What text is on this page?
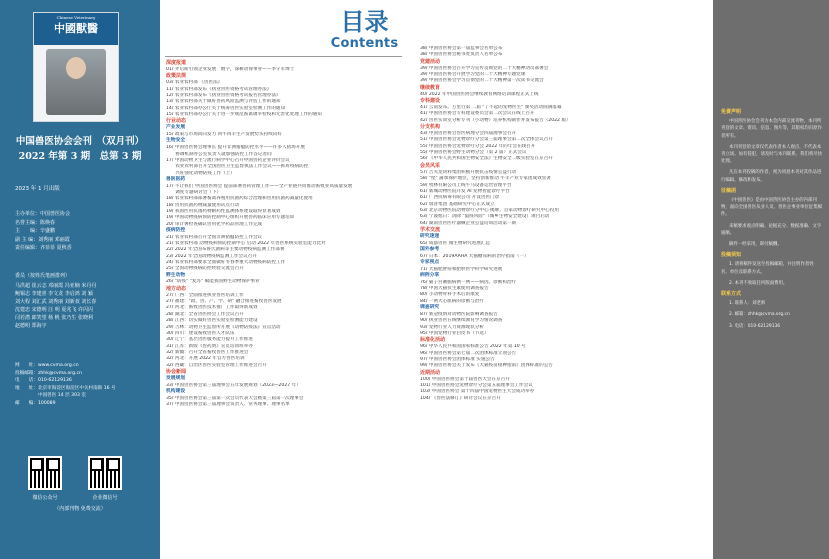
Chinese Veterinary
中國獸醫
中国兽医协会会刊　（双月刊）
2022 年第 3 期　总第 3 期
2023 年 1 月出版
主办单位：中国兽医协会
名誉主编：陈焕春
主　　编：辛盛鹏
副 主 编：刘秀丽 邓丽霞
责任编辑：齐菲菲 夏秋香
委员（按姓氏笔画排列）
马洪超 崔云志 邓丽霞 冯亚楠 米丹丹
鲍锡志 李建喜 李文龙 李启鸿 刘 颖
刘大程 刘汇武 刘秀丽 刘新叔 刘长春
沈建忠 宋德明 汪 明 夏兆飞 许闪闪
闫若潜 郎笑望 杨 帆 张乃生 张晓利
赵德明 郑海宇
网　　址：www.cvma.org.cn
投稿邮箱：zhhk@cvma.org.cn
电　　话：010-62129136
地　　址：北京市海淀区海淀区中关村南街 16 号
　　　　　中国兽医 14 层 303 室
邮　　编：100089
微信公众号	企业微信号
（内部刊物 免费交流）
目录
Contents
深度报道
01/ 弄后斯引领企业发展　数字，深耕动保事业——李守军博士
政策法规
03/ 农业农村部 《兽医法》
11/ 农业农村部发布《执业兽医资格考试管理办法》
12/ 农业农村部发布《执业兽医资格考试报名管理办法》
13/ 农业农村部关于做好兽药风险监测与评估工作的通知
14/ 农业农村部办公厅关于统筹兽医实验室检测工作的通知
15/ 农业农村部办公厅关于进一步规范畜禽屠宰检疫和无害化处理工作的通知
行业动态
产业发展
15/ 政策与市场同向发力 肉牛肉羊生产发展势头持续向好
生物安全
16/ 中国兽医协会理事长 提升非洲猪瘟防控水平——许多人猪场开展
　　协调机制办公室负责人就加强防控工作答记者问
17/ 中国动物卫生与流行病学中心召开中国兽药企业评价会议
　　农业农村部召开全国兽医卫生监督执法工作会议——抓好疫病防控
　　兴旺强化动物防疫工作（上）
兽医医药
17/ 不让我们 中国兽医协会 提前部署兽药管理工作——全产业链共同推动畜牧业高质量发展
　　调度专题研讨会（下）
18/ 农业农村部部署畜禽养殖用抗菌药综合治理和兽用抗菌药减量化使用
18/ 兽用抗菌药物减量使用试点行动
19/ 我国医用抗菌药物耐药性监测体系建设取得显著成效
19/ 中国动物疫病预防控制中心组织开展兽药临床应用专题培训
20/ 审计署检查确认兽用化学药品管理工作完成
疫病防控
21/ 农业农村部召开全国非洲猪瘟防控工作会议
21/ 农业农村部 动物疫病预防控制中心 启动 2022 年兽医系统实验室能力比对
22/ 2022 年全国布鲁氏菌病等主要动物疫病监测工作部署
23/ 2022 年全国动物疫病监测工作会议召开
24/ 农业农村部要求全面做好冬春季重大动物疫病防控工作
25/ 全国动物疫病防控经验交流会召开
野生动物
26/ "防疫" "复苏" 赋能我国野生动物保护事业
地方动态
27/ 广西：全面推进执业兽医培训工作
27/ 福建："政、兽、产、学、研" 融合推进畜牧兽医发展
27/ 河北：畜牧兽医技术推广工作取得新成效
28/ 湖北：全省兽医协会工作会议召开
28/ 江西：切实做好兽医实验室检测能力建设
29/ 吉林：动物卫生监督所开展《动物防疫法》宣贯活动
30/ 四川：建设畜牧兽医人才队伍
30/ 辽宁：基层兽医服务能力提升工作推进
31/ 江苏：新版《兽药典》宣贯培训班举办
32/ 新疆：召开全省畜牧兽医工作推进会
32/ 河北：开展 2022 年官方兽医培训
32/ 西藏：自治区兽医实验室管理工作推进会召开
协会新闻
发展规划
33/ 中国兽医协会第三届理事会五年发展规划（2023—2027 年）
机构建设
35/ 中国兽医协会第三届第一次会员代表大会暨第三届第一次理事会
37/ 中国兽医协会第三届理事会负责人、常务理事、理事名单
38/ 中国兽医协会第一届监事会名单公布
38/ 中国兽医协会秘书处负责人名单公布
党建活动
39/ 中国兽医协会召开学习宣传贯彻党的二十大精神动员部署会
39/ 中国兽医协会开展学习党的二十大精神专题党课
39/ 中国兽医协会学习贯彻党的二十大精神第一次读书交流会
继续教育
40/ 2022 年中国兽医协会继续教育网络培训课程正式上线
专科建设
41/ 云南发布。万里行第 二届 "了不起的宠物医生" 颁奖活动圆满落幕
41/ 中国兽医协会专科建设委员会第二次会议在线上召开
42/ 兽医实训室分析专刊（小动物）培养机构制作并发布报告（2022 版）
分支机构
43/ 中国兽医协会兽医病理分会四届理事会召开
51/ 中国兽医协会宠物诊疗分会第三届理事会第二次全体会议召开
55/ 中国兽医协会宠物诊疗分会 2022 年的年会在线召开
55/ 中国兽医协会野生动物分会（第 2 届）正式会议
56/ 《中华人民共和国生物安全法》生物安全二级实验室在京召开
会员风采
57/ 吉夫龙饲料集团积极开展抗击疫情公益行动
58/ "铿" 蒲承保护地位，坚持创新推动 牛羊产业专家团成效显著
59/ 牧林有限公司上线牛马设备运营管理平台
61/ 新城动物医院开发 AI 宠物智能诊疗平台
61/ 广西抗病毒有限公司 开设兽医门诊
62/ 瑞普集团 基础研究中心正式成立
63/ 北京动物医院动物诊疗分中心 揭牌，首家动物诊疗研究中心投用
63/ 宁波旭日：清除 "鼠疫风险"（城乡生物安全建设）项目启动
64/ 湖南兽医医疗器械企业公益培训活动第一期
学术交流
研究速递
65/ 成都兽医 微生物研究进展汇总
国外参考
67/ 日本：2019AAHA 犬猫糖尿病的治疗指南（一）
专家视点
71/ 犬猫肥胖症和肥胖医学科学研究进展
病例分享
76/ 猫子宫蓄脓病例一例——病因、诊断和治疗
78/ 中国犬猫抗生素使用调查报告
80/ 小动物骨科手术后的康复
84/ 一例犬心肌病的诊断与治疗
调查研究
87/ 新冠疫情对动物医院影响调查报告
90/ 执业兽医在线继续教育学习情况调查
93/ 宠物行业人力资源现状分析
95/ 中国宠物行业白皮书（节选）
标准化活动
96/ 中华人民共和国国家标准公告 2022 年第 10 号
96/ 中国兽医协会第七届二次团体标准立项公告
97/ 中国兽医协会团体标准 实施公告
99/ 中国兽医协会关于发布《犬猫疫苗接种指南》团体标准的公告
近期活动
100/ 中国兽医协会第十届兽医大会在京召开
101/ 中国兽医协会宠物诊疗分会第五届理事会工作会议
103/ 中国兽医协会 第十四届中国宠物医生大会成功举办
104/ 《兽医法修订》研讨会议在京召开
免费声明

中国兽医协会会刊为本会内部交流刊物，本刊所刊登的文章、资讯、信息、图片等，其版权均归原作者所有。

本刊刊登的文章仅代表作者本人观点，不代表本刊立场。如有侵犯，请及时与本刊联系，我们将尽快处理。

凡在本刊投稿的作者，视为同意本刊对其作品进行编辑、修改和发布。

征稿函

《中国兽医》是由中国兽医协会主办的内部刊物，面向全国兽医从业人员、兽医企事业单位征集稿件。

来稿要求观点明确、论据充分、数据准确、文字通顺。

稿件一经采用，即付稿酬。

投稿须知

1. 请将稿件发送至投稿邮箱，并注明作者姓名、单位及联系方式。

2. 本刊不收取任何版面费用。

联系方式

1. 联系人：刘老师

2. 邮箱：zhhk@cvma.org.cn

3. 电话：010-62129136
